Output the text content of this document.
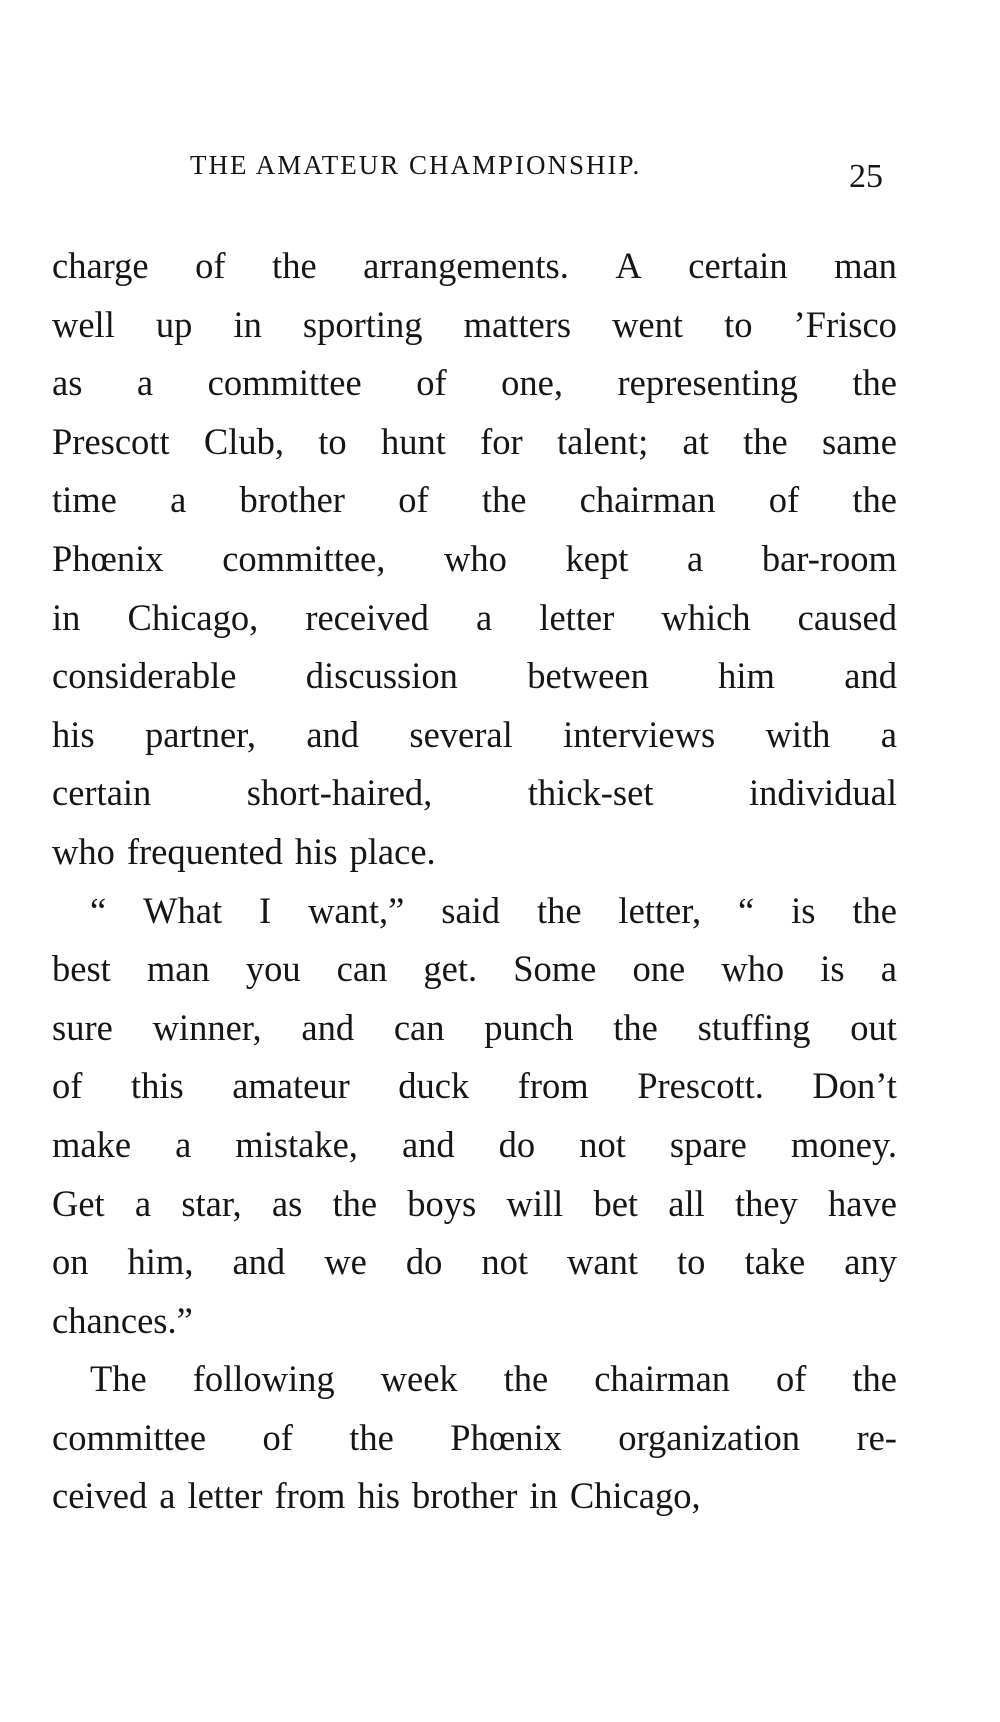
THE AMATEUR CHAMPIONSHIP.	25
charge of the arrangements. A certain man
well up in sporting matters went to ’Frisco
as a committee of one, representing the
Prescott Club, to hunt for talent; at the same
time a brother of the chairman of the
Phœnix committee, who kept a bar-room
in Chicago, received a letter which caused
considerable discussion between him and
his partner, and several interviews with a
certain	short-haired,	thick-set	individual
who frequented his place.
“ What I want,” said the letter, “ is the
best man you can get. Some one who is a
sure winner, and can punch the stuffing out
of this amateur duck from Prescott. Don’t
make a mistake, and do not spare money.
Get a star, as the boys will bet all they have
on him, and we do not want to take any
chances.”
The following week the chairman of the
committee of the Phœnix organization re-
ceived a letter from his brother in Chicago,
